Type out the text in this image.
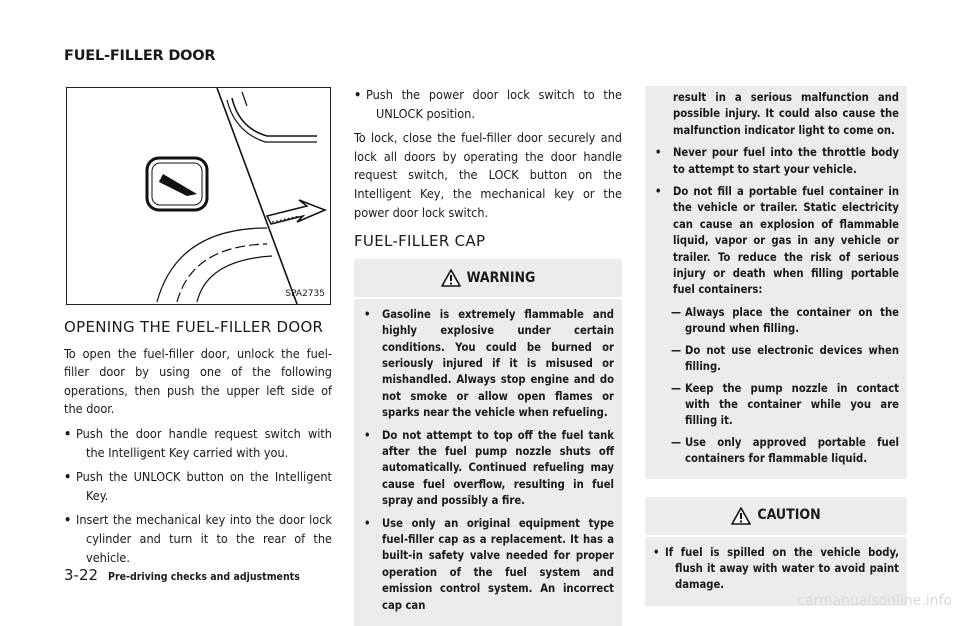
FUEL-FILLER DOOR
SPA2735
OPENING THE FUEL-FILLER DOOR

To open the fuel-filler door, unlock the fuel-filler door by using one of the following operations, then push the upper left side of the door.

• Push the door handle request switch with the Intelligent Key carried with you.
• Push the UNLOCK button on the Intelligent Key.
• Insert the mechanical key into the door lock cylinder and turn it to the rear of the vehicle.
• Push the power door lock switch to the UNLOCK position.

To lock, close the fuel-filler door securely and lock all doors by operating the door handle request switch, the LOCK button on the Intelligent Key, the mechanical key or the power door lock switch.

FUEL-FILLER CAP
WARNING
• Gasoline is extremely flammable and highly explosive under certain conditions. You could be burned or seriously injured if it is misused or mishandled. Always stop engine and do not smoke or allow open flames or sparks near the vehicle when refueling.
• Do not attempt to top off the fuel tank after the fuel pump nozzle shuts off automatically. Continued refueling may cause fuel overflow, resulting in fuel spray and possibly a fire.
• Use only an original equipment type fuel-filler cap as a replacement. It has a built-in safety valve needed for proper operation of the fuel system and emission control system. An incorrect cap can
result in a serious malfunction and possible injury. It could also cause the malfunction indicator light to come on.
• Never pour fuel into the throttle body to attempt to start your vehicle.
• Do not fill a portable fuel container in the vehicle or trailer. Static electricity can cause an explosion of flammable liquid, vapor or gas in any vehicle or trailer. To reduce the risk of serious injury or death when filling portable fuel containers:
— Always place the container on the ground when filling.
— Do not use electronic devices when filling.
— Keep the pump nozzle in contact with the container while you are filling it.
— Use only approved portable fuel containers for flammable liquid.
CAUTION
• If fuel is spilled on the vehicle body, flush it away with water to avoid paint damage.
3-22 Pre-driving checks and adjustments
carmanualsonline.info
